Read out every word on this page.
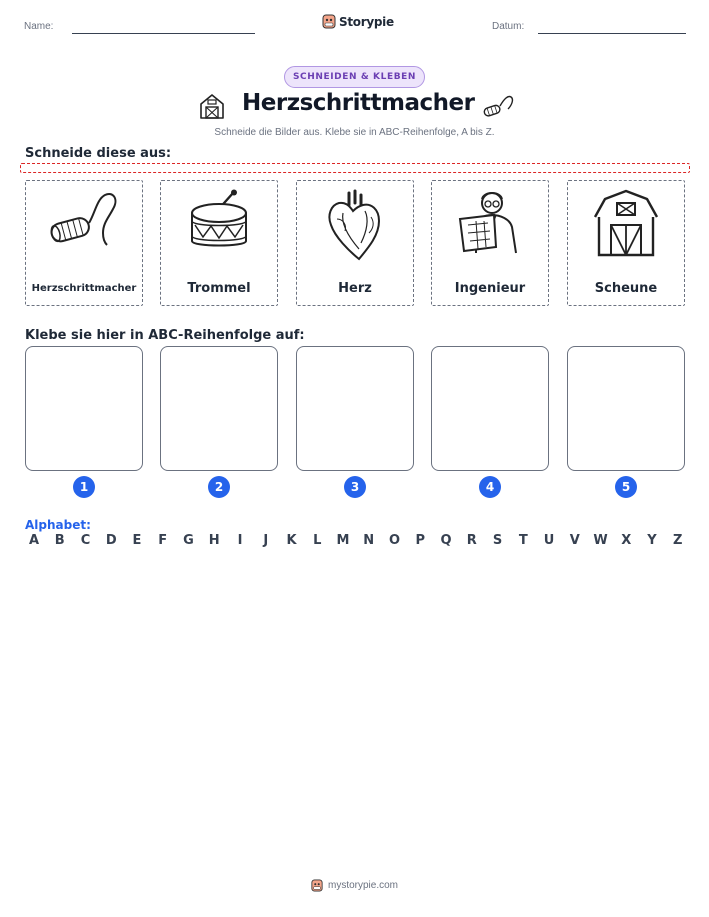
Name:	Storypie	Datum:
SCHNEIDEN & KLEBEN
Herzschrittmacher
Schneide die Bilder aus. Klebe sie in ABC-Reihenfolge, A bis Z.
Schneide diese aus:
Herzschrittmacher	Trommel	Herz	Ingenieur	Scheune
Klebe sie hier in ABC-Reihenfolge auf:
1	2	3	4	5
Alphabet:
A	B	C	D	E	F	G H	I	J	K	L	M N O	P	Q	R	S	T	U	V	W	X	Y	Z
mystorypie.com
